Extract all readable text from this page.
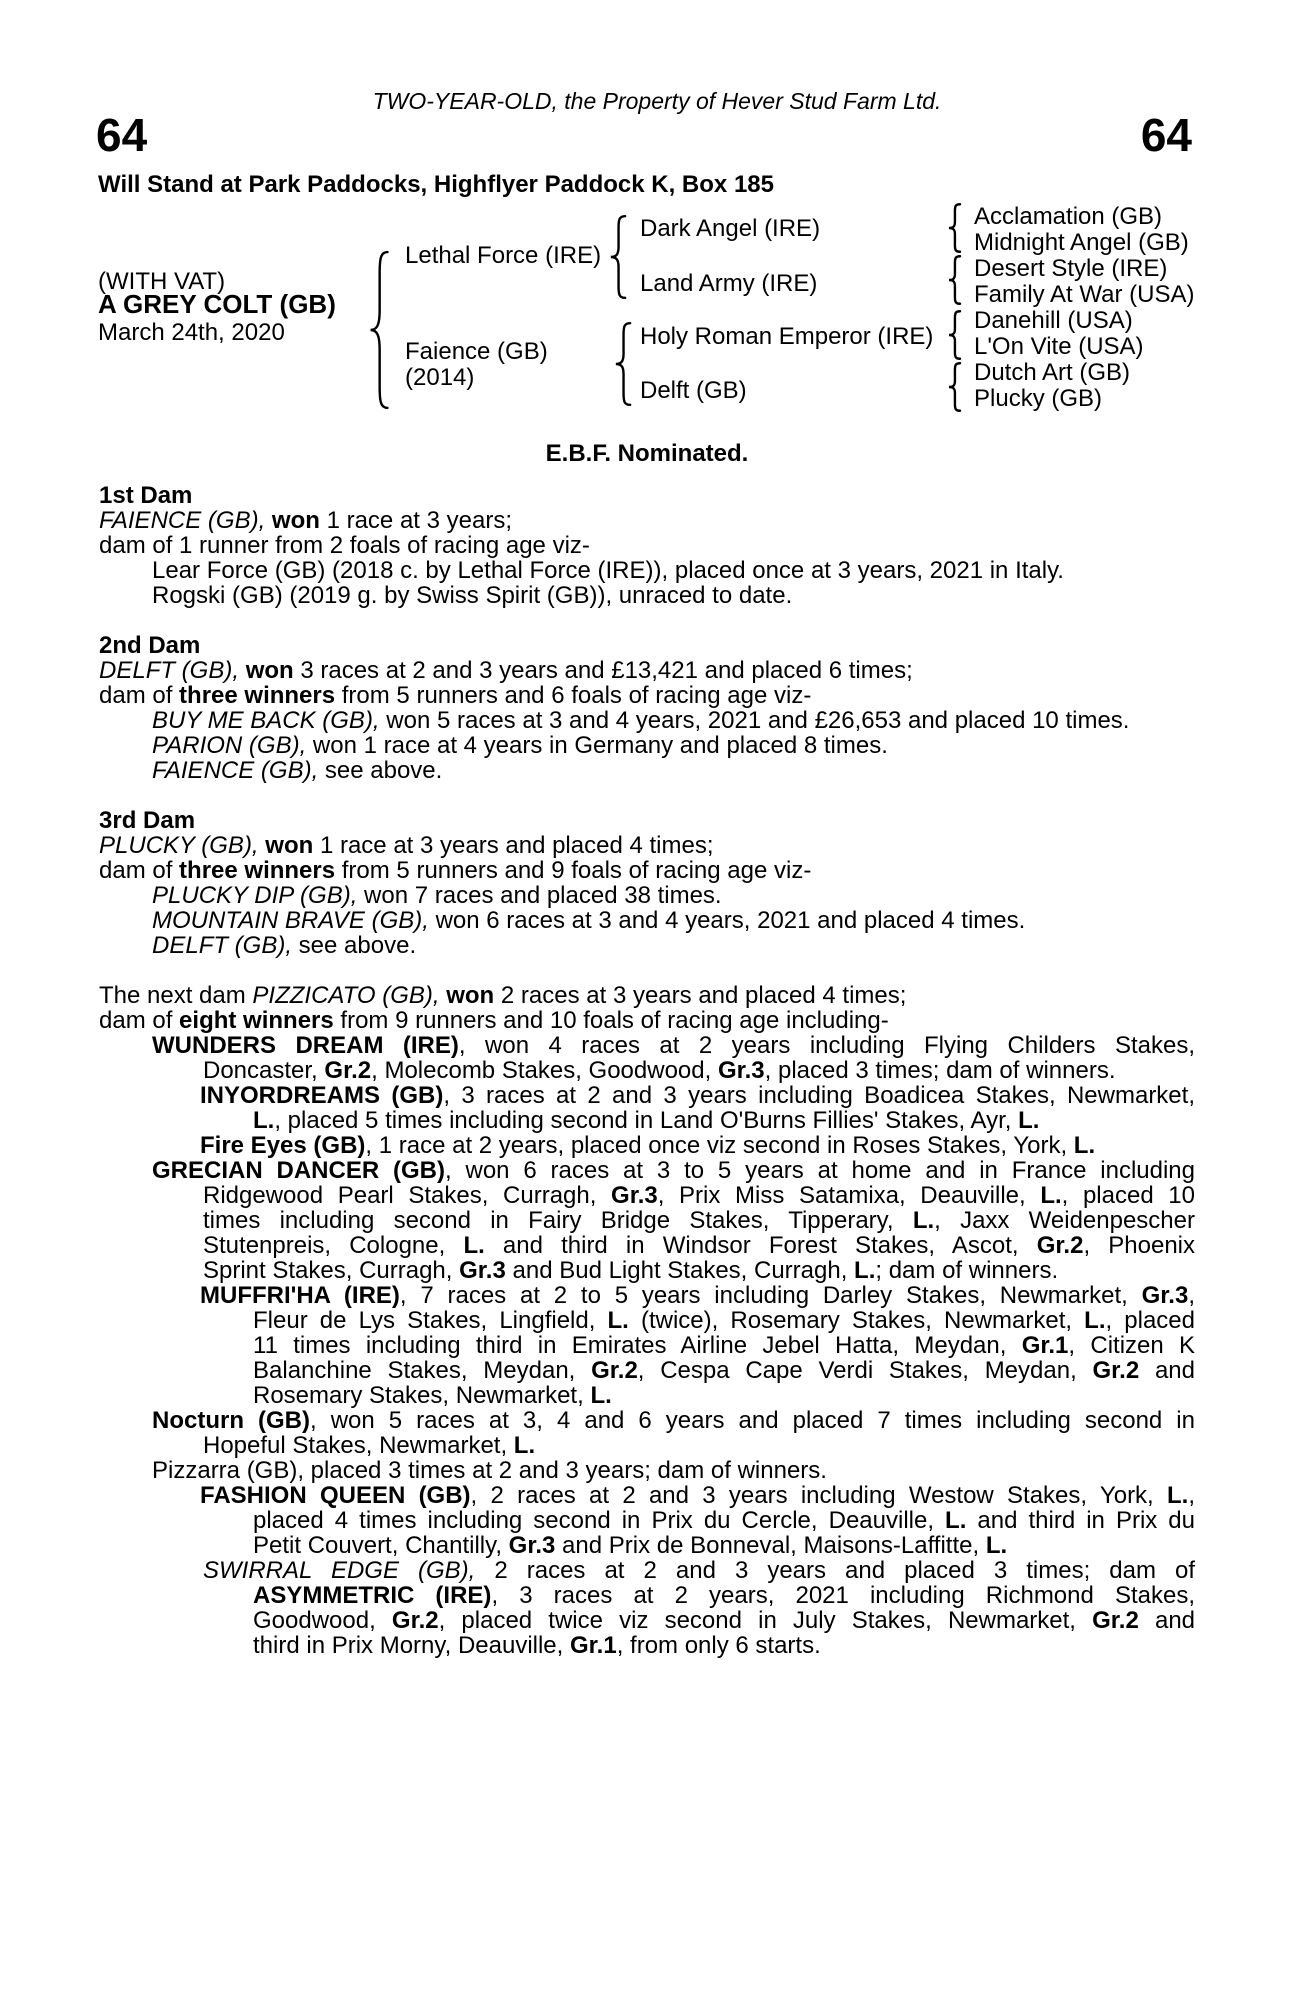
TWO-YEAR-OLD, the Property of Hever Stud Farm Ltd.
64	64
Will Stand at Park Paddocks, Highflyer Paddock K, Box 185
(WITH VAT)
A GREY COLT (GB)
March 24th, 2020
Lethal Force (IRE)
Faience (GB)
(2014)
Dark Angel (IRE)
Land Army (IRE)
Holy Roman Emperor (IRE)
Delft (GB)
Acclamation (GB)
Midnight Angel (GB)
Desert Style (IRE)
Family At War (USA)
Danehill (USA)
L'On Vite (USA)
Dutch Art (GB)
Plucky (GB)
E.B.F. Nominated.
1st Dam
FAIENCE (GB), won 1 race at 3 years;
dam of 1 runner from 2 foals of racing age viz-
Lear Force (GB) (2018 c. by Lethal Force (IRE)), placed once at 3 years, 2021 in Italy.
Rogski (GB) (2019 g. by Swiss Spirit (GB)), unraced to date.
2nd Dam
DELFT (GB), won 3 races at 2 and 3 years and £13,421 and placed 6 times;
dam of three winners from 5 runners and 6 foals of racing age viz-
BUY ME BACK (GB), won 5 races at 3 and 4 years, 2021 and £26,653 and placed 10 times.
PARION (GB), won 1 race at 4 years in Germany and placed 8 times.
FAIENCE (GB), see above.
3rd Dam
PLUCKY (GB), won 1 race at 3 years and placed 4 times;
dam of three winners from 5 runners and 9 foals of racing age viz-
PLUCKY DIP (GB), won 7 races and placed 38 times.
MOUNTAIN BRAVE (GB), won 6 races at 3 and 4 years, 2021 and placed 4 times.
DELFT (GB), see above.
The next dam PIZZICATO (GB), won 2 races at 3 years and placed 4 times;
dam of eight winners from 9 runners and 10 foals of racing age including-
WUNDERS DREAM (IRE), won 4 races at 2 years including Flying Childers Stakes,
Doncaster, Gr.2, Molecomb Stakes, Goodwood, Gr.3, placed 3 times; dam of winners.
INYORDREAMS (GB), 3 races at 2 and 3 years including Boadicea Stakes, Newmarket,
L., placed 5 times including second in Land O'Burns Fillies' Stakes, Ayr, L.
Fire Eyes (GB), 1 race at 2 years, placed once viz second in Roses Stakes, York, L.
GRECIAN DANCER (GB), won 6 races at 3 to 5 years at home and in France including
Ridgewood Pearl Stakes, Curragh, Gr.3, Prix Miss Satamixa, Deauville, L., placed 10
times including second in Fairy Bridge Stakes, Tipperary, L., Jaxx Weidenpescher
Stutenpreis, Cologne, L. and third in Windsor Forest Stakes, Ascot, Gr.2, Phoenix
Sprint Stakes, Curragh, Gr.3 and Bud Light Stakes, Curragh, L.; dam of winners.
MUFFRI'HA (IRE), 7 races at 2 to 5 years including Darley Stakes, Newmarket, Gr.3,
Fleur de Lys Stakes, Lingfield, L. (twice), Rosemary Stakes, Newmarket, L., placed
11 times including third in Emirates Airline Jebel Hatta, Meydan, Gr.1, Citizen K
Balanchine Stakes, Meydan, Gr.2, Cespa Cape Verdi Stakes, Meydan, Gr.2 and
Rosemary Stakes, Newmarket, L.
Nocturn (GB), won 5 races at 3, 4 and 6 years and placed 7 times including second in
Hopeful Stakes, Newmarket, L.
Pizzarra (GB), placed 3 times at 2 and 3 years; dam of winners.
FASHION QUEEN (GB), 2 races at 2 and 3 years including Westow Stakes, York, L.,
placed 4 times including second in Prix du Cercle, Deauville, L. and third in Prix du
Petit Couvert, Chantilly, Gr.3 and Prix de Bonneval, Maisons-Laffitte, L.
SWIRRAL EDGE (GB), 2 races at 2 and 3 years and placed 3 times; dam of
ASYMMETRIC (IRE), 3 races at 2 years, 2021 including Richmond Stakes,
Goodwood, Gr.2, placed twice viz second in July Stakes, Newmarket, Gr.2 and
third in Prix Morny, Deauville, Gr.1, from only 6 starts.
